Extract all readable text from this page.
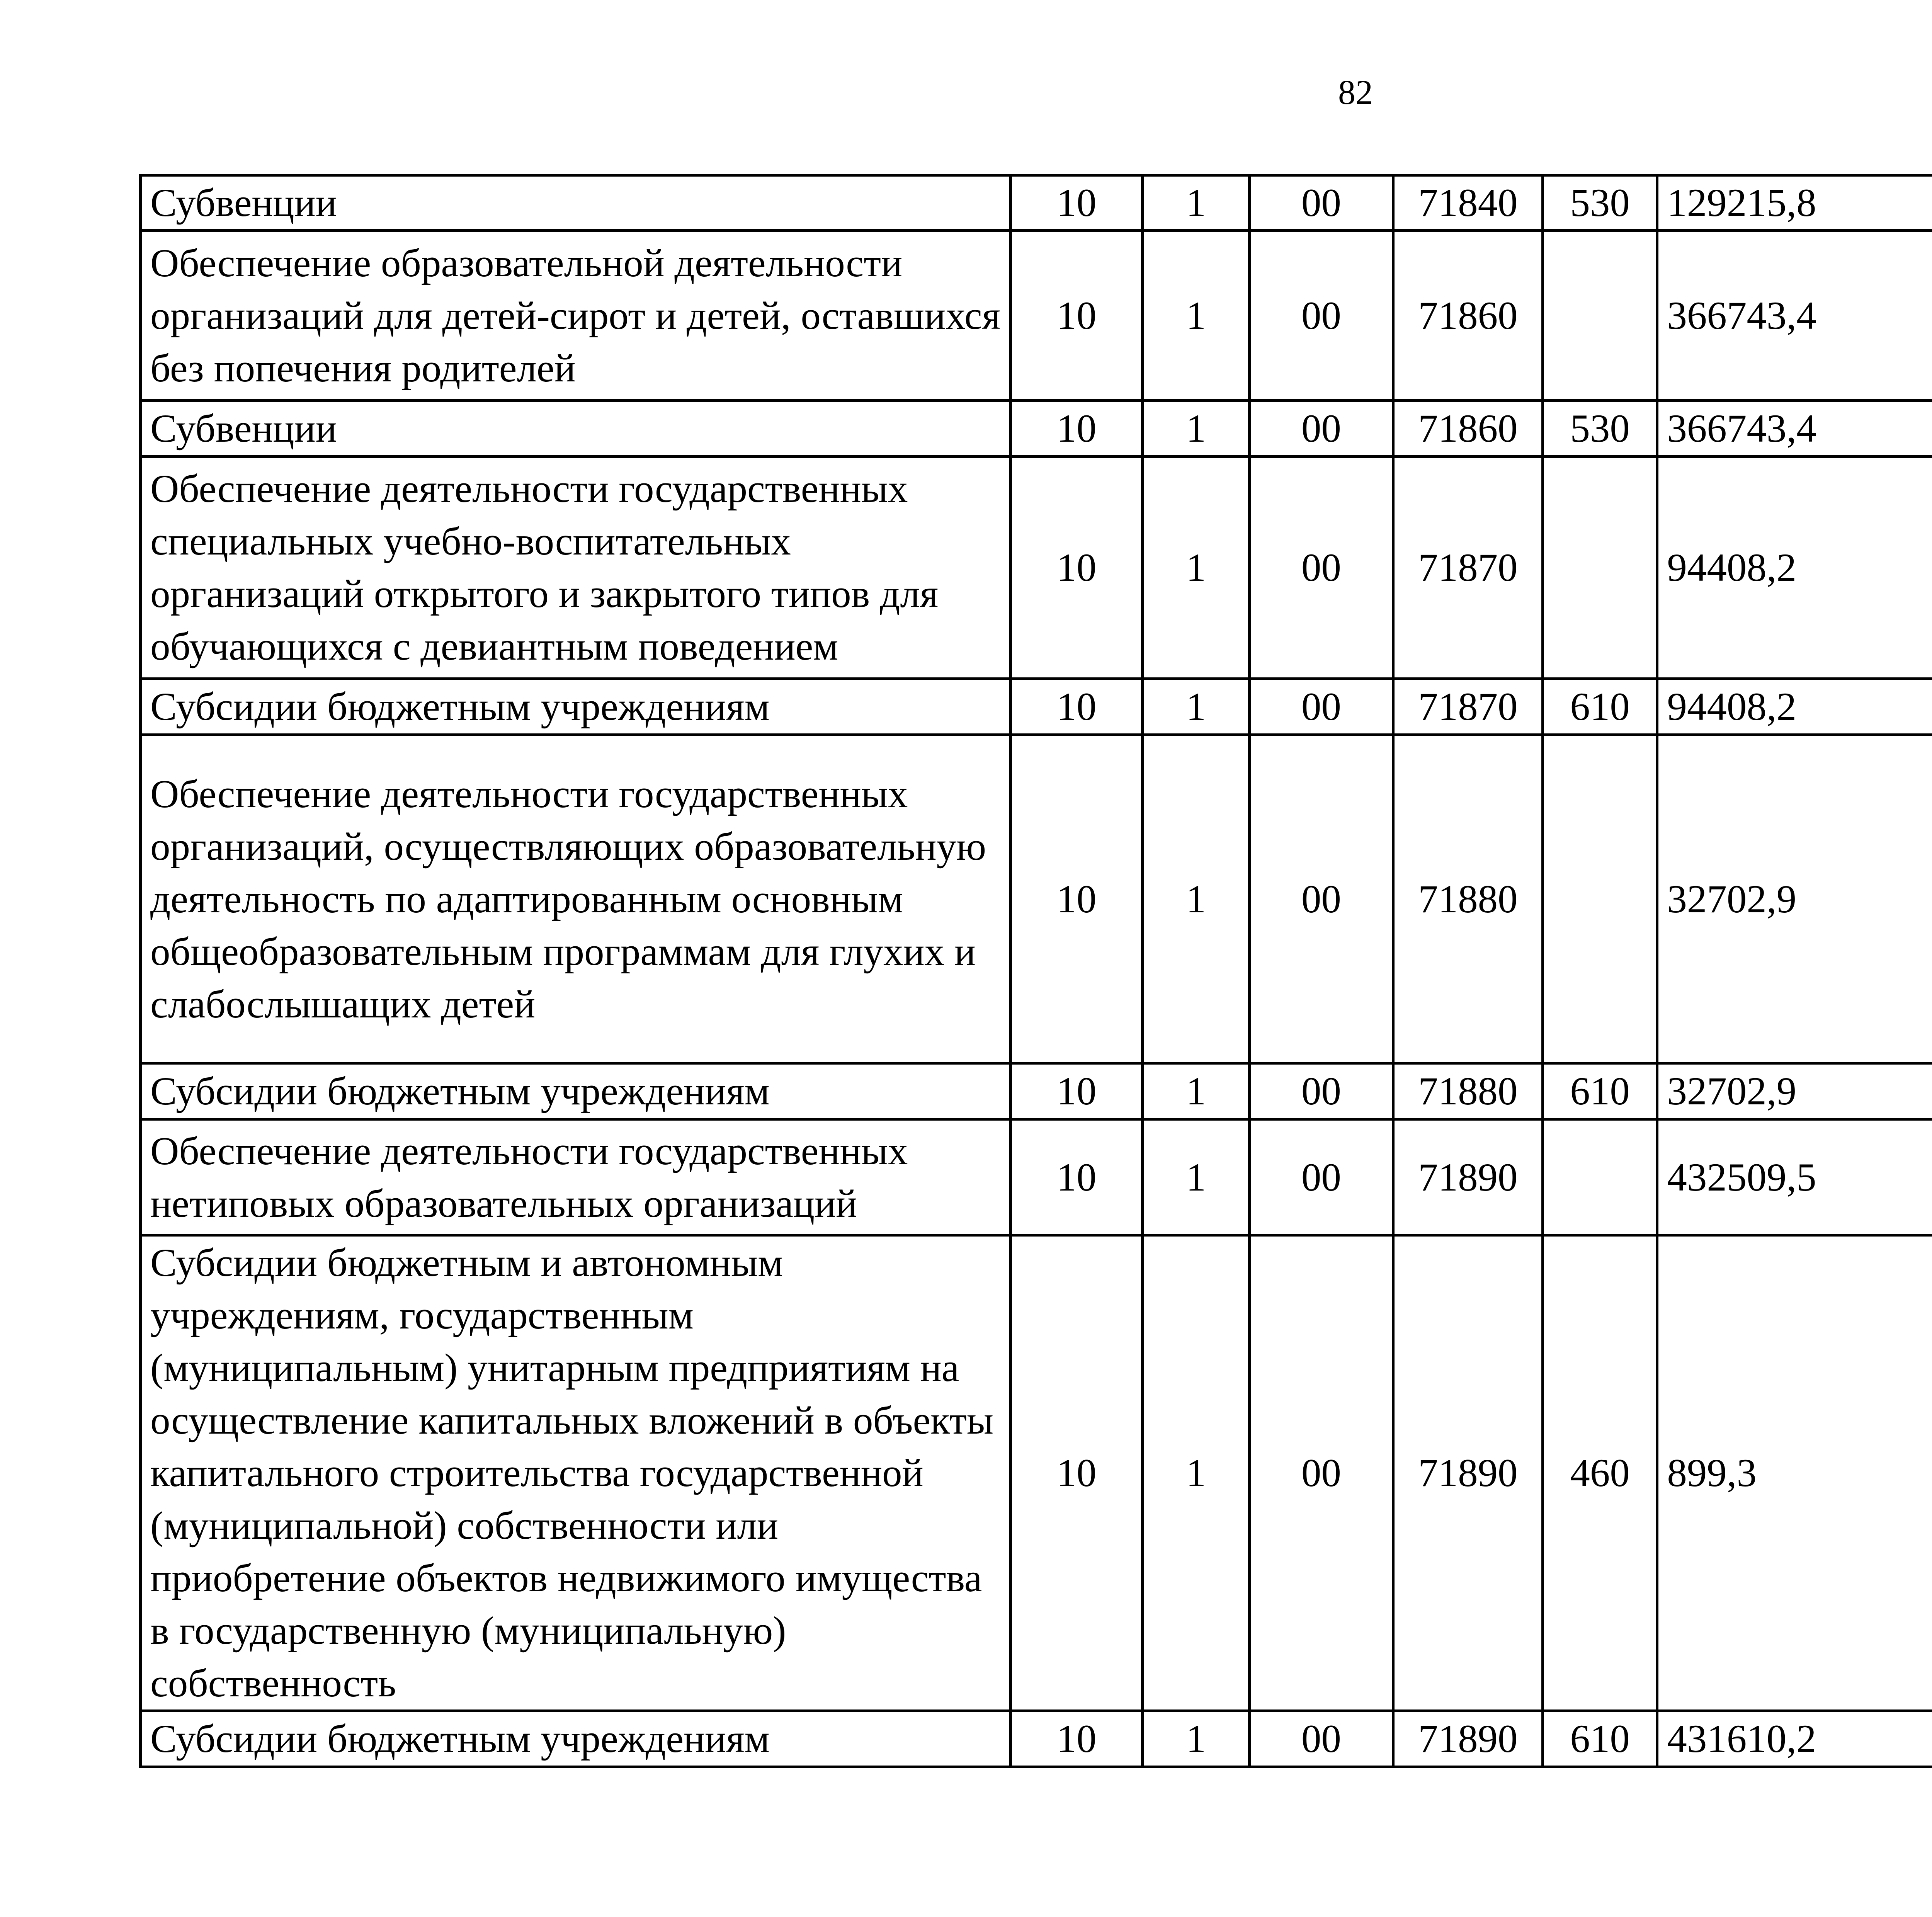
82
Субвенции	10	1	00	71840	530	129215,8		
Обеспечение образовательной деятельности организаций для детей-сирот и детей, оставшихся без попечения родителей	10	1	00	71860		366743,4		
Субвенции	10	1	00	71860	530	366743,4		
Обеспечение деятельности государственных специальных учебно-воспитательных организаций открытого и закрытого типов для обучающихся с девиантным поведением	10	1	00	71870		94408,2		
Субсидии бюджетным учреждениям	10	1	00	71870	610	94408,2		
Обеспечение деятельности государственных организаций, осуществляющих образовательную деятельность по адаптированным основным общеобразовательным программам для глухих и слабослышащих детей	10	1	00	71880		32702,9		
Субсидии бюджетным учреждениям	10	1	00	71880	610	32702,9		
Обеспечение деятельности государственных нетиповых образовательных организаций	10	1	00	71890		432509,5		
Субсидии бюджетным и автономным учреждениям, государственным (муниципальным) унитарным предприятиям на осуществление капитальных вложений в объекты капитального строительства государственной (муниципальной) собственности или приобретение объектов недвижимого имущества в государственную (муниципальную) собственность	10	1	00	71890	460	899,3		
Субсидии бюджетным учреждениям	10	1	00	71890	610	431610,2		
